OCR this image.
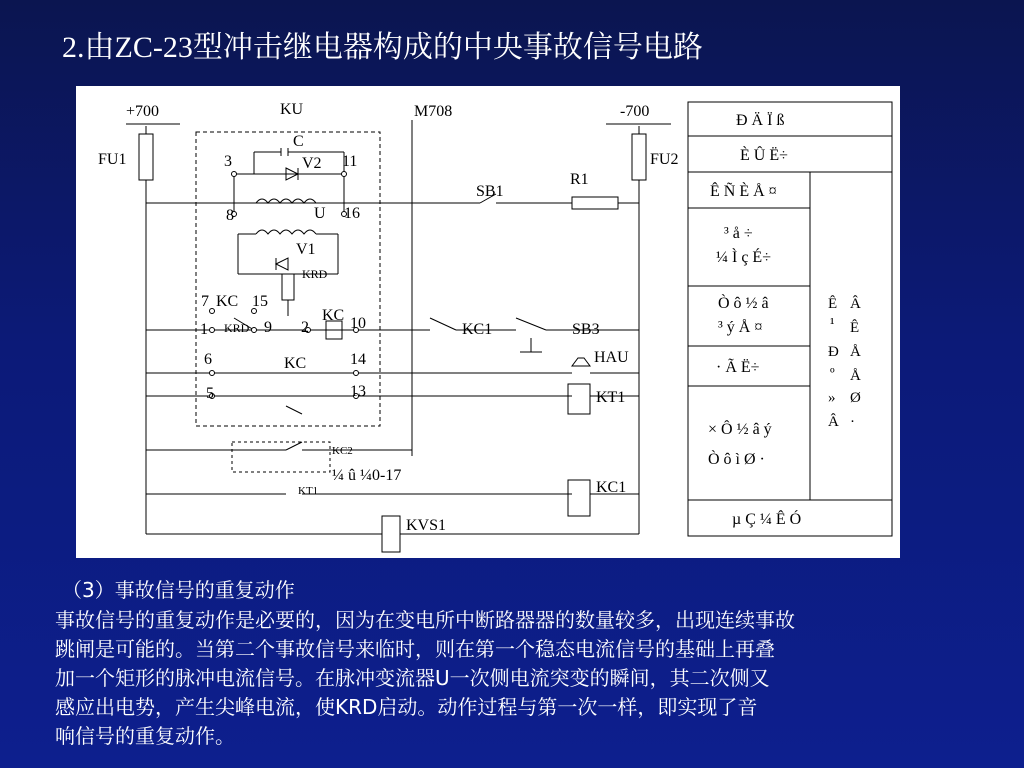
2.由ZC-23型冲击继电器构成的中央事故信号电路
+700	KU	M708	-700
FU1	FU2
C
V2
3	11
8	U 16
V1
KRD
7 KC 15
1 KRD 9 2
KC 10
6	KC	14
5	13
SB1
R1
KC1	SB3
HAU
KT1
KC2
¼ û ¼0-17
KT1	KC1
KVS1
Ð Ä Ï ß
È Û Ë÷
Ê Ñ È Å ¤
³ å ÷
¼ Ì ç É÷
Ò ô ½ â
³ ý Å ¤
· Ã Ë÷
× Ô ½ â ý
Ò ô ì Ø ·
µ Ç ¼ Ê Ó
Ê Â
¹ Ê
Ð Å
º Å
» Ø
Â ·
（3）事故信号的重复动作
事故信号的重复动作是必要的，因为在变电所中断路器器的数量较多，出现连续事故
跳闸是可能的。当第二个事故信号来临时，则在第一个稳态电流信号的基础上再叠
加一个矩形的脉冲电流信号。在脉冲变流器U一次侧电流突变的瞬间，其二次侧又
感应出电势，产生尖峰电流，使KRD启动。动作过程与第一次一样，即实现了音
响信号的重复动作。
